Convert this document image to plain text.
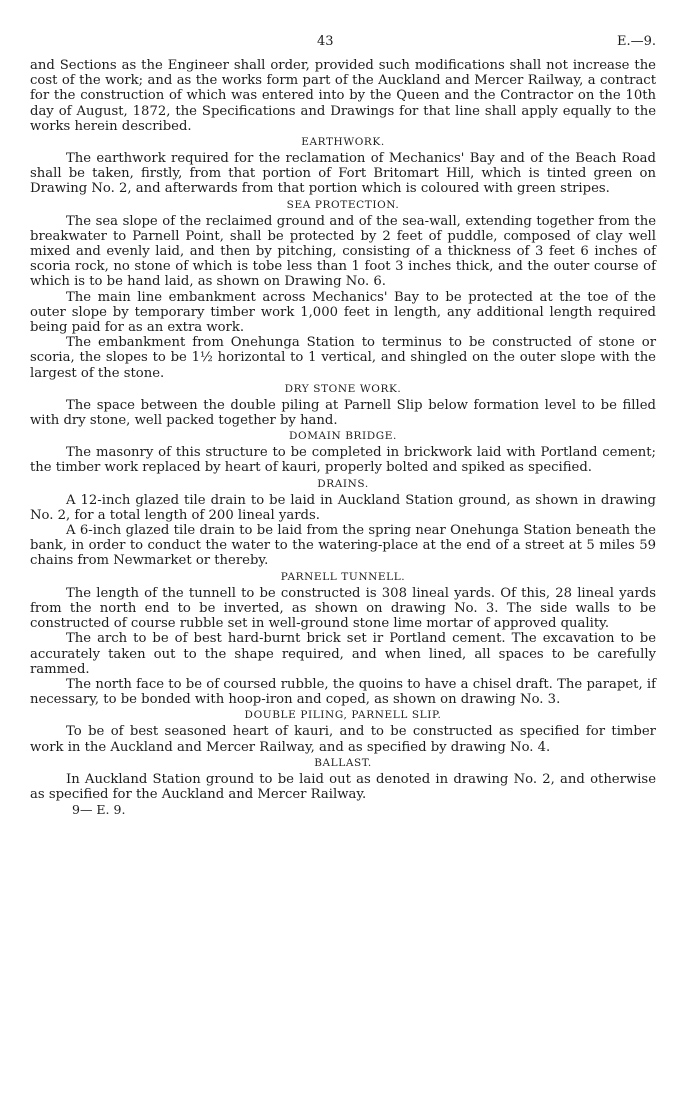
43	E.—9.

and Sections as the Engineer shall order, provided such modifications shall not increase the cost of the work; and as the works form part of the Auckland and Mercer Railway, a contract for the construction of which was entered into by the Queen and the Contractor on the 10th day of August, 1872, the Specifications and Drawings for that line shall apply equally to the works herein described.

EARTHWORK.

The earthwork required for the reclamation of Mechanics' Bay and of the Beach Road shall be taken, firstly, from that portion of Fort Britomart Hill, which is tinted green on Drawing No. 2, and afterwards from that portion which is coloured with green stripes.

SEA PROTECTION.

The sea slope of the reclaimed ground and of the sea-wall, extending together from the breakwater to Parnell Point, shall be protected by 2 feet of puddle, composed of clay well mixed and evenly laid, and then by pitching, consisting of a thickness of 3 feet 6 inches of scoria rock, no stone of which is tobe less than 1 foot 3 inches thick, and the outer course of which is to be hand laid, as shown on Drawing No. 6.

The main line embankment across Mechanics' Bay to be protected at the toe of the outer slope by temporary timber work 1,000 feet in length, any additional length required being paid for as an extra work.

The embankment from Onehunga Station to terminus to be constructed of stone or scoria, the slopes to be 1½ horizontal to 1 vertical, and shingled on the outer slope with the largest of the stone.

DRY STONE WORK.

The space between the double piling at Parnell Slip below formation level to be filled with dry stone, well packed together by hand.

DOMAIN BRIDGE.

The masonry of this structure to be completed in brickwork laid with Portland cement; the timber work replaced by heart of kauri, properly bolted and spiked as specified.

DRAINS.

A 12-inch glazed tile drain to be laid in Auckland Station ground, as shown in drawing No. 2, for a total length of 200 lineal yards.

A 6-inch glazed tile drain to be laid from the spring near Onehunga Station beneath the bank, in order to conduct the water to the watering-place at the end of a street at 5 miles 59 chains from Newmarket or thereby.

PARNELL TUNNELL.

The length of the tunnell to be constructed is 308 lineal yards. Of this, 28 lineal yards from the north end to be inverted, as shown on drawing No. 3. The side walls to be constructed of course rubble set in well-ground stone lime mortar of approved quality.

The arch to be of best hard-burnt brick set ir Portland cement. The excavation to be accurately taken out to the shape required, and when lined, all spaces to be carefully rammed.

The north face to be of coursed rubble, the quoins to have a chisel draft. The parapet, if necessary, to be bonded with hoop-iron and coped, as shown on drawing No. 3.

DOUBLE PILING, PARNELL SLIP.

To be of best seasoned heart of kauri, and to be constructed as specified for timber work in the Auckland and Mercer Railway, and as specified by drawing No. 4.

BALLAST.

In Auckland Station ground to be laid out as denoted in drawing No. 2, and otherwise as specified for the Auckland and Mercer Railway.

9— E. 9.
